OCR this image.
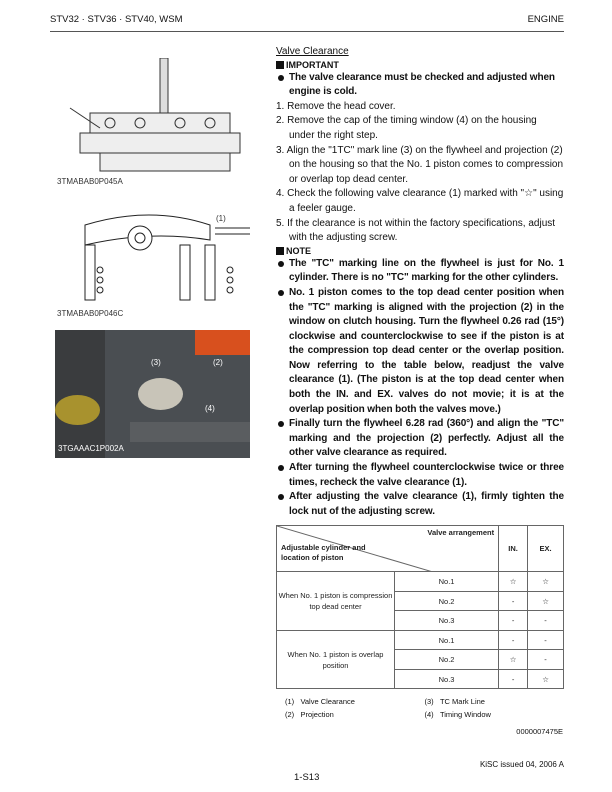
STV32 · STV36 · STV40, WSM	ENGINE
3TMABAB0P045A
(1)
3TMABAB0P046C
(3)	(2)
(4)
3TGAAAC1P002A

Valve Clearance

IMPORTANT

The valve clearance must be checked and adjusted when engine is cold.

1. Remove the head cover.

2. Remove the cap of the timing window (4) on the housing under the right step.

3. Align the "1TC" mark line (3) on the flywheel and projection (2) on the housing so that the No. 1 piston comes to compression or overlap top dead center.

4. Check the following valve clearance (1) marked with "☆" using a feeler gauge.

5. If the clearance is not within the factory specifications, adjust with the adjusting screw.

NOTE

The "TC" marking line on the flywheel is just for No. 1 cylinder. There is no "TC" marking for the other cylinders.

No. 1 piston comes to the top dead center position when the "TC" marking is aligned with the projection (2) in the window on clutch housing. Turn the flywheel 0.26 rad (15°) clockwise and counterclockwise to see if the piston is at the compression top dead center or the overlap position. Now referring to the table below, readjust the valve clearance (1). (The piston is at the top dead center when both the IN. and EX. valves do not movie; it is at the overlap position when both the valves move.)

Finally turn the flywheel 6.28 rad (360°) and align the "TC" marking and the projection (2) perfectly. Adjust all the other valve clearance as required.

After turning the flywheel counterclockwise twice or three times, recheck the valve clearance (1).

After adjusting the valve clearance (1), firmly tighten the lock nut of the adjusting screw.

Valve arrangement
Adjustable cylinder and location of piston		IN.	EX.
When No. 1 piston is compression top dead center	No.1	☆	☆
	No.2	-	☆
	No.3	-	-
When No. 1 piston is overlap position	No.1	-	-
	No.2	☆	-
	No.3	-	☆
(1) Valve Clearance	(3) TC Mark Line
(2) Projection	(4) Timing Window
0000007475E
KiSC issued 04, 2006 A
1-S13
